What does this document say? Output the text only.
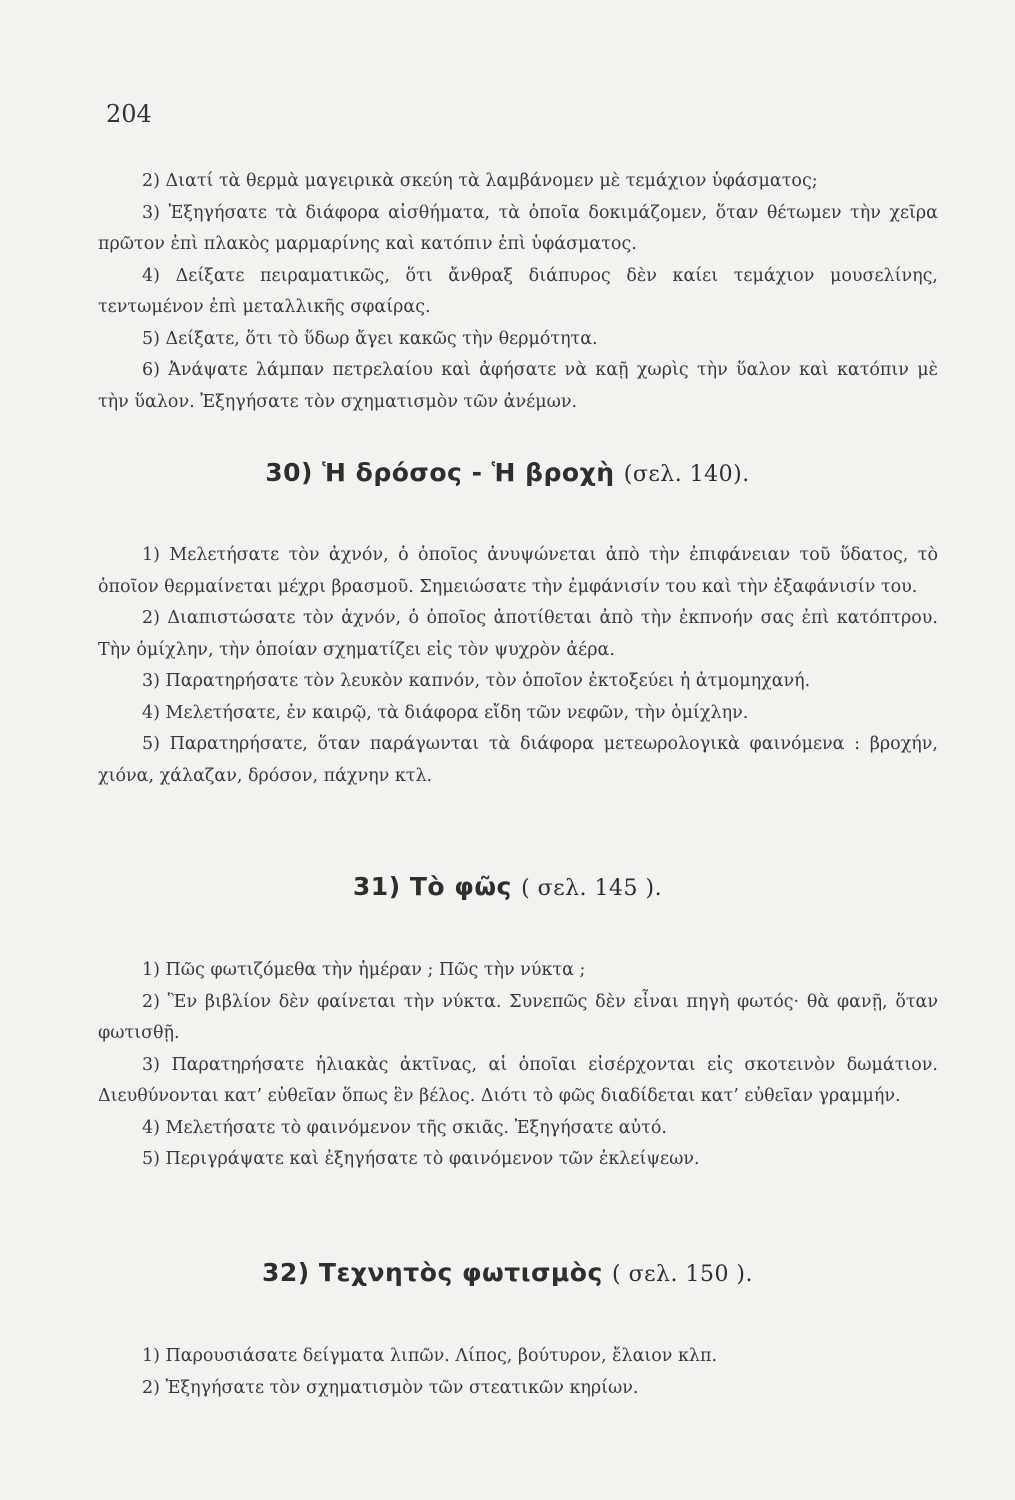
204

2) Διατί τὰ θερμὰ μαγειρικὰ σκεύη τὰ λαμβάνομεν μὲ τεμάχιον ὑφάσματος;

3) Ἐξηγήσατε τὰ διάφορα αἰσθήματα, τὰ ὁποῖα δοκιμάζομεν, ὅταν θέτωμεν τὴν χεῖρα πρῶτον ἐπὶ πλακὸς μαρμαρίνης καὶ κατόπιν ἐπὶ ὑφάσματος.

4) Δείξατε πειραματικῶς, ὅτι ἄνθραξ διάπυρος δὲν καίει τεμάχιον μουσελίνης, τεντωμένον ἐπὶ μεταλλικῆς σφαίρας.

5) Δείξατε, ὅτι τὸ ὕδωρ ἄγει κακῶς τὴν θερμότητα.

6) Ἀνάψατε λάμπαν πετρελαίου καὶ ἀφήσατε νὰ καῇ χωρὶς τὴν ὕαλον καὶ κατόπιν μὲ τὴν ὕαλον. Ἐξηγήσατε τὸν σχηματισμὸν τῶν ἀνέμων.

30) Ἡ δρόσος - Ἡ βροχὴ (σελ. 140).

1) Μελετήσατε τὸν ἀχνόν, ὁ ὁποῖος ἀνυψώνεται ἀπὸ τὴν ἐπιφάνειαν τοῦ ὕδατος, τὸ ὁποῖον θερμαίνεται μέχρι βρασμοῦ. Σημειώσατε τὴν ἐμφάνισίν του καὶ τὴν ἐξαφάνισίν του.

2) Διαπιστώσατε τὸν ἀχνόν, ὁ ὁποῖος ἀποτίθεται ἀπὸ τὴν ἐκπνοήν σας ἐπὶ κατόπτρου. Τὴν ὁμίχλην, τὴν ὁποίαν σχηματίζει εἰς τὸν ψυχρὸν ἀέρα.

3) Παρατηρήσατε τὸν λευκὸν καπνόν, τὸν ὁποῖον ἐκτοξεύει ἡ ἀτμομηχανή.

4) Μελετήσατε, ἐν καιρῷ, τὰ διάφορα εἴδη τῶν νεφῶν, τὴν ὁμίχλην.

5) Παρατηρήσατε, ὅταν παράγωνται τὰ διάφορα μετεωρολογικὰ φαινόμενα : βροχήν, χιόνα, χάλαζαν, δρόσον, πάχνην κτλ.

31) Τὸ φῶς ( σελ. 145 ).

1) Πῶς φωτιζόμεθα τὴν ἡμέραν ; Πῶς τὴν νύκτα ;

2) Ἓν βιβλίον δὲν φαίνεται τὴν νύκτα. Συνεπῶς δὲν εἶναι πηγὴ φωτός· θὰ φανῇ, ὅταν φωτισθῇ.

3) Παρατηρήσατε ἡλιακὰς ἀκτῖνας, αἱ ὁποῖαι εἰσέρχονται εἰς σκοτεινὸν δωμάτιον. Διευθύνονται κατ’ εὐθεῖαν ὅπως ἓν βέλος. Διότι τὸ φῶς διαδίδεται κατ’ εὐθεῖαν γραμμήν.

4) Μελετήσατε τὸ φαινόμενον τῆς σκιᾶς. Ἐξηγήσατε αὐτό.

5) Περιγράψατε καὶ ἐξηγήσατε τὸ φαινόμενον τῶν ἐκλείψεων.

32) Τεχνητὸς φωτισμὸς ( σελ. 150 ).

1) Παρουσιάσατε δείγματα λιπῶν. Λίπος, βούτυρον, ἔλαιον κλπ.

2) Ἐξηγήσατε τὸν σχηματισμὸν τῶν στεατικῶν κηρίων.
